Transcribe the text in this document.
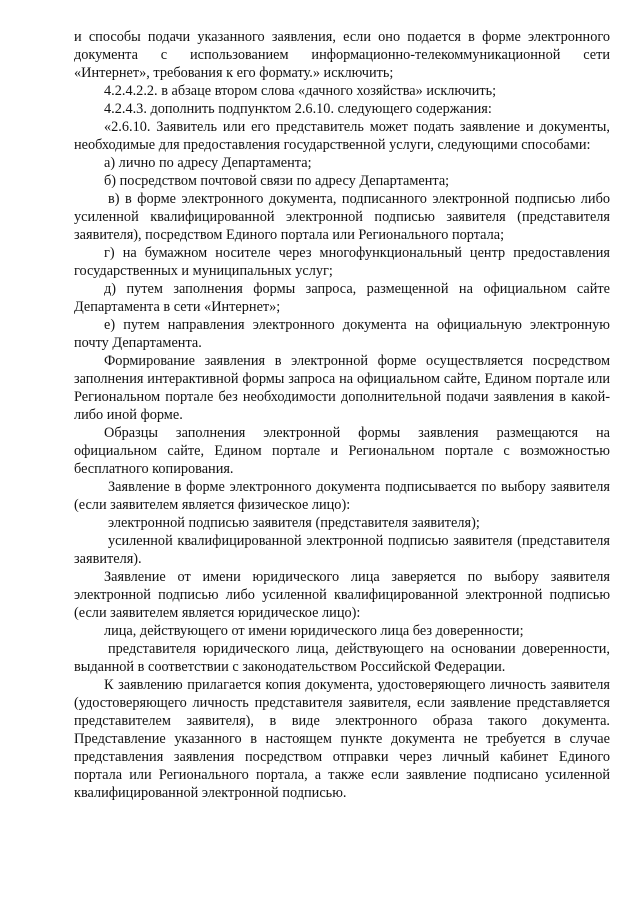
и способы подачи указанного заявления, если оно подается в форме электронного документа с использованием информационно-телекоммуникационной сети «Интернет», требования к его формату.» исключить;

4.2.4.2.2. в абзаце втором слова «дачного хозяйства» исключить;

4.2.4.3. дополнить подпунктом 2.6.10. следующего содержания:

«2.6.10. Заявитель или его представитель может подать заявление и документы, необходимые для предоставления государственной услуги, следующими способами:

а) лично по адресу Департамента;

б) посредством почтовой связи по адресу Департамента;

в) в форме электронного документа, подписанного электронной подписью либо усиленной квалифицированной электронной подписью заявителя (представителя заявителя), посредством Единого портала или Регионального портала;

г) на бумажном носителе через многофункциональный центр предоставления государственных и муниципальных услуг;

д) путем заполнения формы запроса, размещенной на официальном сайте Департамента в сети «Интернет»;

е) путем направления электронного документа на официальную электронную почту Департамента.

Формирование заявления в электронной форме осуществляется посредством заполнения интерактивной формы запроса на официальном сайте, Едином портале или Региональном портале без необходимости дополнительной подачи заявления в какой-либо иной форме.

Образцы заполнения электронной формы заявления размещаются на официальном сайте, Едином портале и Региональном портале с возможностью бесплатного копирования.

Заявление в форме электронного документа подписывается по выбору заявителя (если заявителем является физическое лицо):

электронной подписью заявителя (представителя заявителя);

усиленной квалифицированной электронной подписью заявителя (представителя заявителя).

Заявление от имени юридического лица заверяется по выбору заявителя электронной подписью либо усиленной квалифицированной электронной подписью (если заявителем является юридическое лицо):

лица, действующего от имени юридического лица без доверенности;

представителя юридического лица, действующего на основании доверенности, выданной в соответствии с законодательством Российской Федерации.

К заявлению прилагается копия документа, удостоверяющего личность заявителя (удостоверяющего личность представителя заявителя, если заявление представляется представителем заявителя), в виде электронного образа такого документа. Представление указанного в настоящем пункте документа не требуется в случае представления заявления посредством отправки через личный кабинет Единого портала или Регионального портала, а также если заявление подписано усиленной квалифицированной электронной подписью.
